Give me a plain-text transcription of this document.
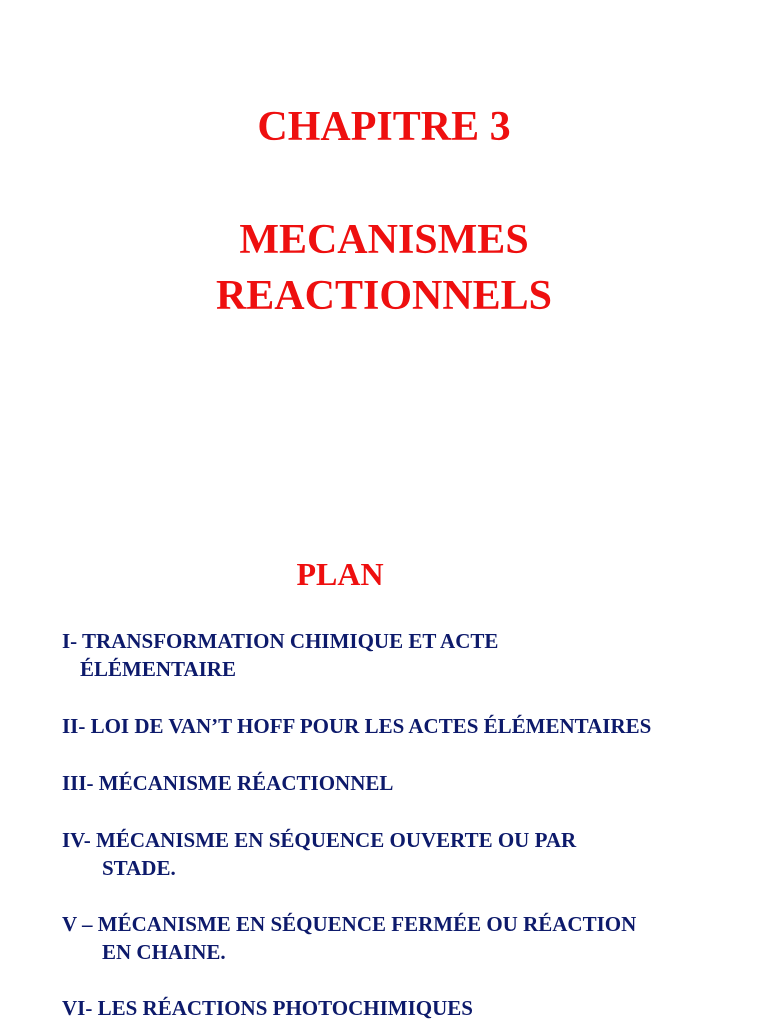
CHAPITRE 3
MECANISMES
REACTIONNELS
PLAN
I- TRANSFORMATION CHIMIQUE ET ACTE
ÉLÉMENTAIRE
II- LOI DE VAN’T HOFF POUR LES ACTES ÉLÉMENTAIRES
III- MÉCANISME RÉACTIONNEL
IV- MÉCANISME EN SÉQUENCE OUVERTE OU PAR
STADE.
V – MÉCANISME EN SÉQUENCE FERMÉE OU RÉACTION
EN CHAINE.
VI- LES RÉACTIONS PHOTOCHIMIQUES
